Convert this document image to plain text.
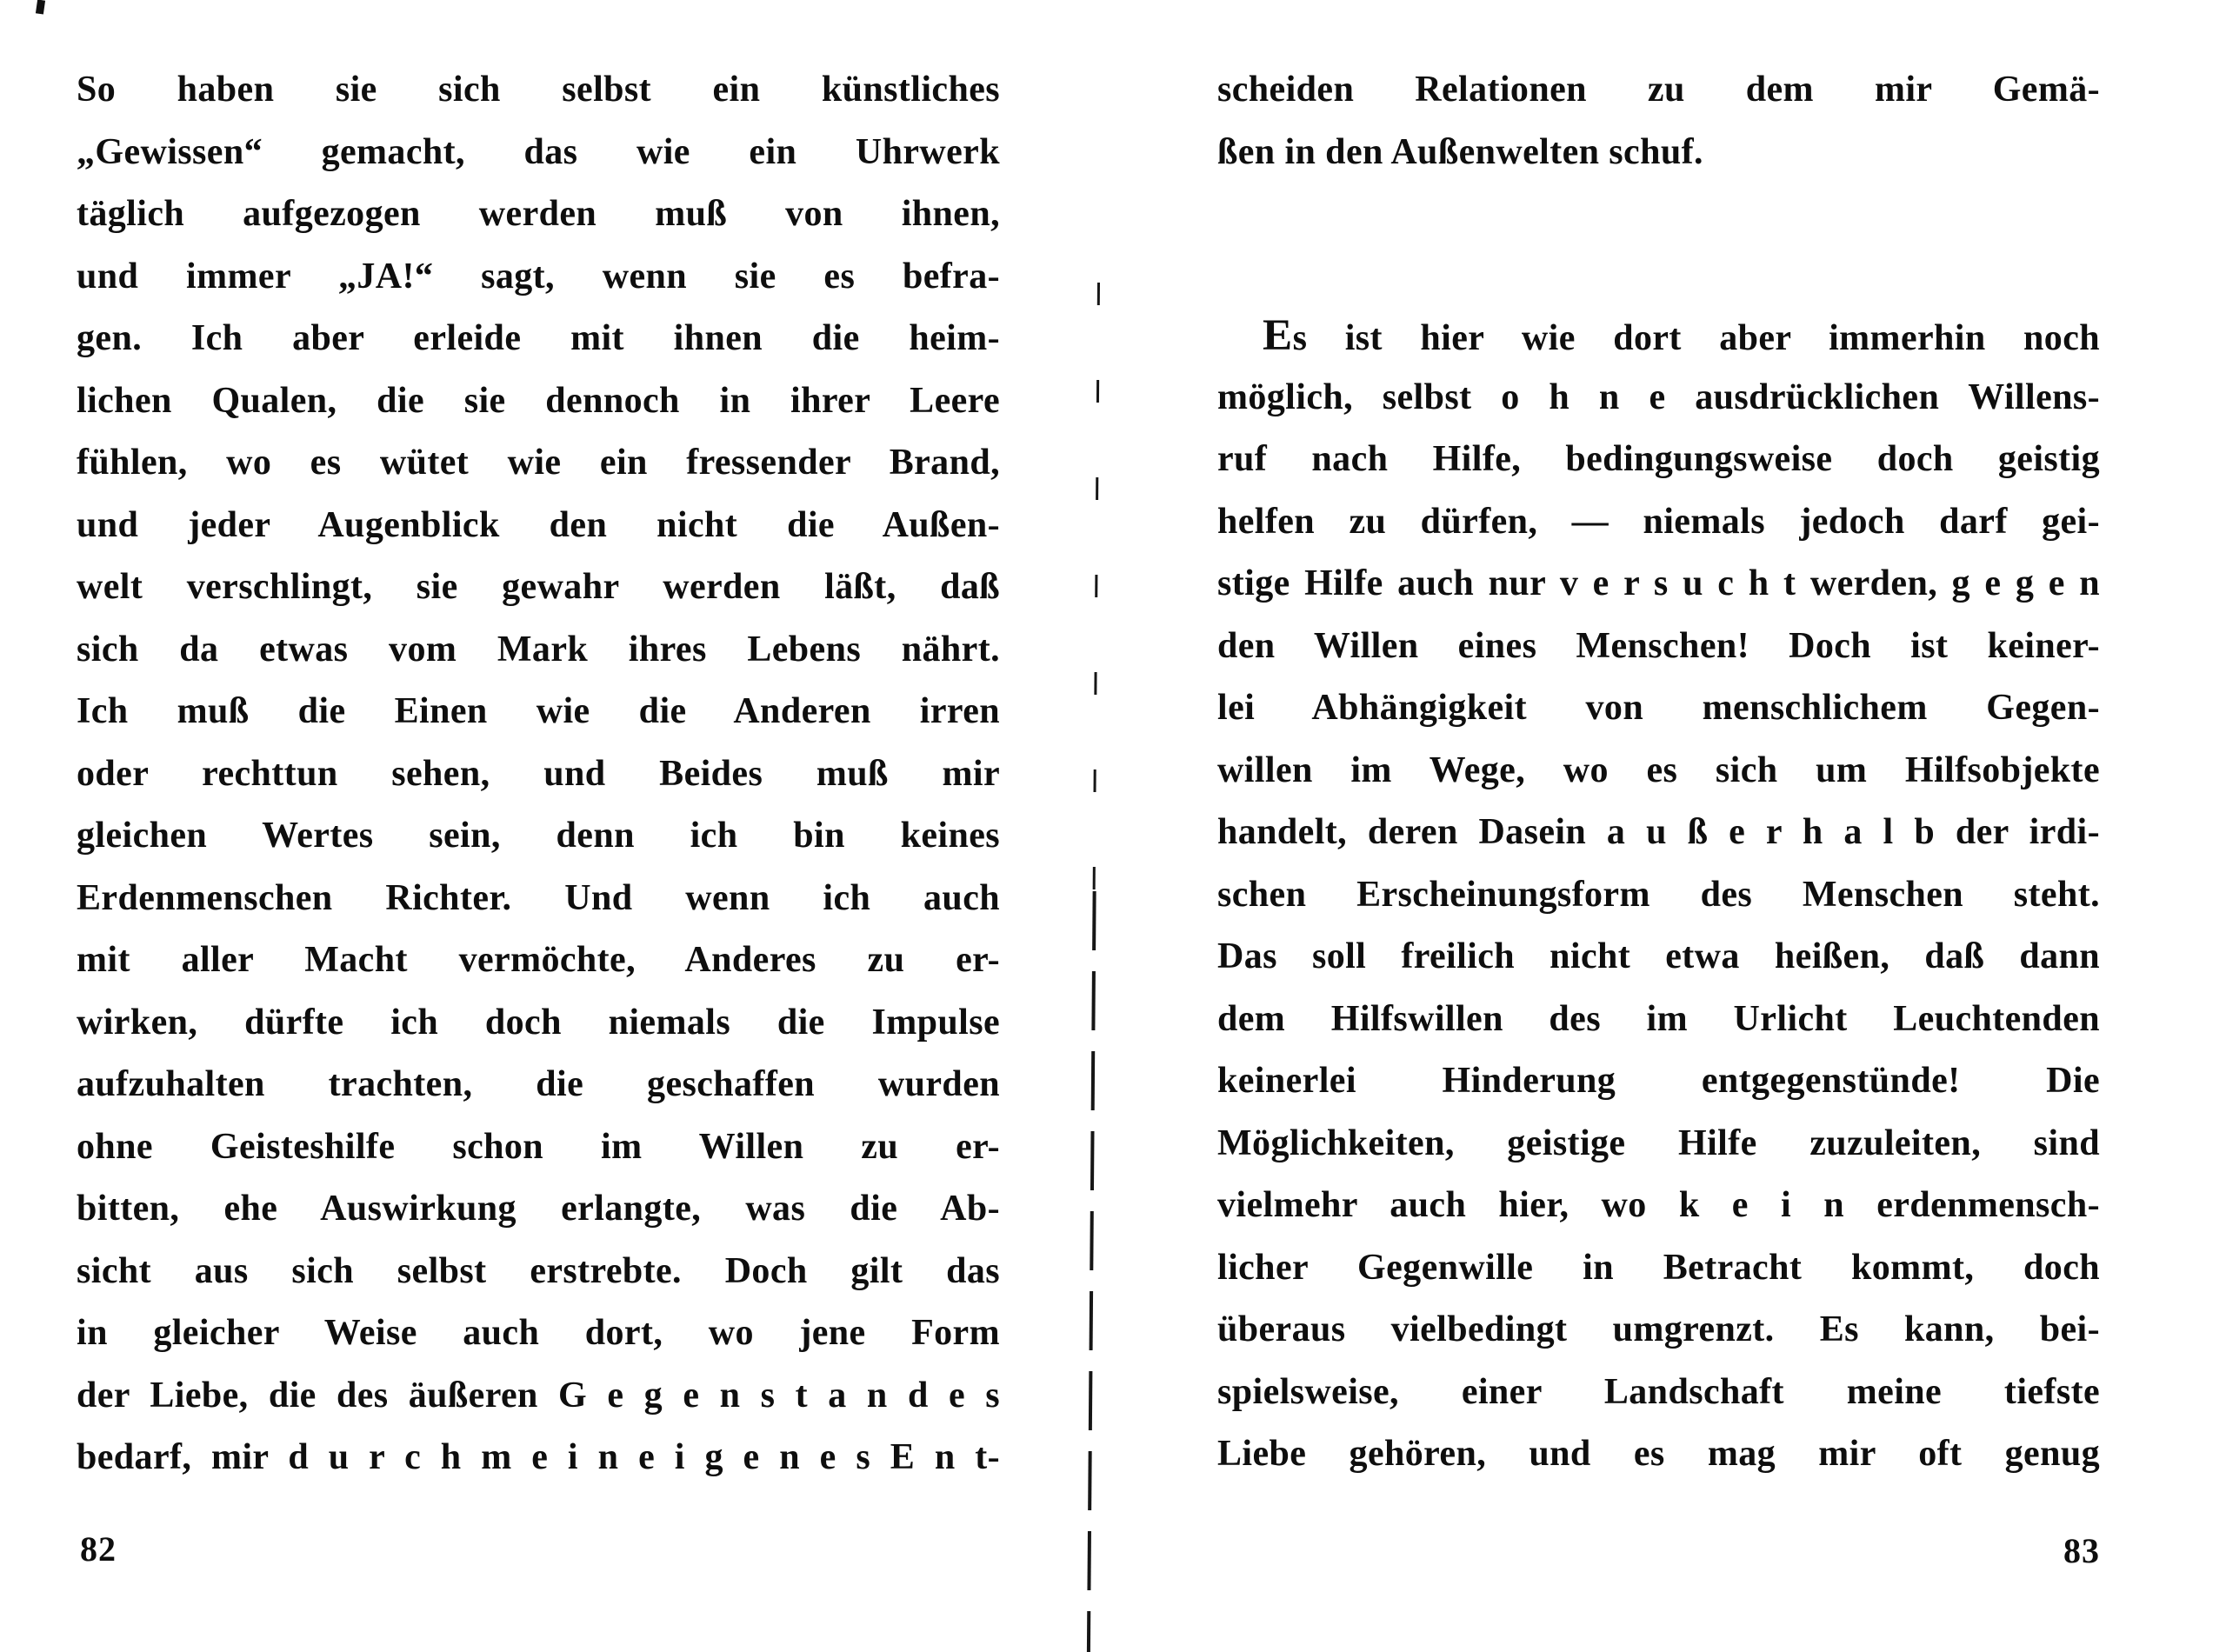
So haben sie sich selbst ein künstliches
„Gewissen“ gemacht, das wie ein Uhrwerk
täglich aufgezogen werden muß von ihnen,
und immer „JA!“ sagt, wenn sie es befra-
gen. Ich aber erleide mit ihnen die heim-
lichen Qualen, die sie dennoch in ihrer Leere
fühlen, wo es wütet wie ein fressender Brand,
und jeder Augenblick den nicht die Außen-
welt verschlingt, sie gewahr werden läßt, daß
sich da etwas vom Mark ihres Lebens nährt.
Ich muß die Einen wie die Anderen irren
oder rechttun sehen, und Beides muß mir
gleichen Wertes sein, denn ich bin keines
Erdenmenschen Richter. Und wenn ich auch
mit aller Macht vermöchte, Anderes zu er-
wirken, dürfte ich doch niemals die Impulse
aufzuhalten trachten, die geschaffen wurden
ohne Geisteshilfe schon im Willen zu er-
bitten, ehe Auswirkung erlangte, was die Ab-
sicht aus sich selbst erstrebte. Doch gilt das
in gleicher Weise auch dort, wo jene Form
der Liebe, die des äußeren G e g e n s t a n d e s
bedarf, mir d u r c h m e i n e i g e n e s E n t-
82
scheiden Relationen zu dem mir Gemä-
ßen in den Außenwelten schuf.
Es ist hier wie dort aber immerhin noch
möglich, selbst o h n e ausdrücklichen Willens-
ruf nach Hilfe, bedingungsweise doch geistig
helfen zu dürfen, — niemals jedoch darf gei-
stige Hilfe auch nur v e r s u c h t werden, g e g e n
den Willen eines Menschen! Doch ist keiner-
lei Abhängigkeit von menschlichem Gegen-
willen im Wege, wo es sich um Hilfsobjekte
handelt, deren Dasein a u ß e r h a l b der irdi-
schen Erscheinungsform des Menschen steht.
Das soll freilich nicht etwa heißen, daß dann
dem Hilfswillen des im Urlicht Leuchtenden
keinerlei Hinderung entgegenstünde! Die
Möglichkeiten, geistige Hilfe zuzuleiten, sind
vielmehr auch hier, wo k e i n erdenmensch-
licher Gegenwille in Betracht kommt, doch
überaus vielbedingt umgrenzt. Es kann, bei-
spielsweise, einer Landschaft meine tiefste
Liebe gehören, und es mag mir oft genug
83
